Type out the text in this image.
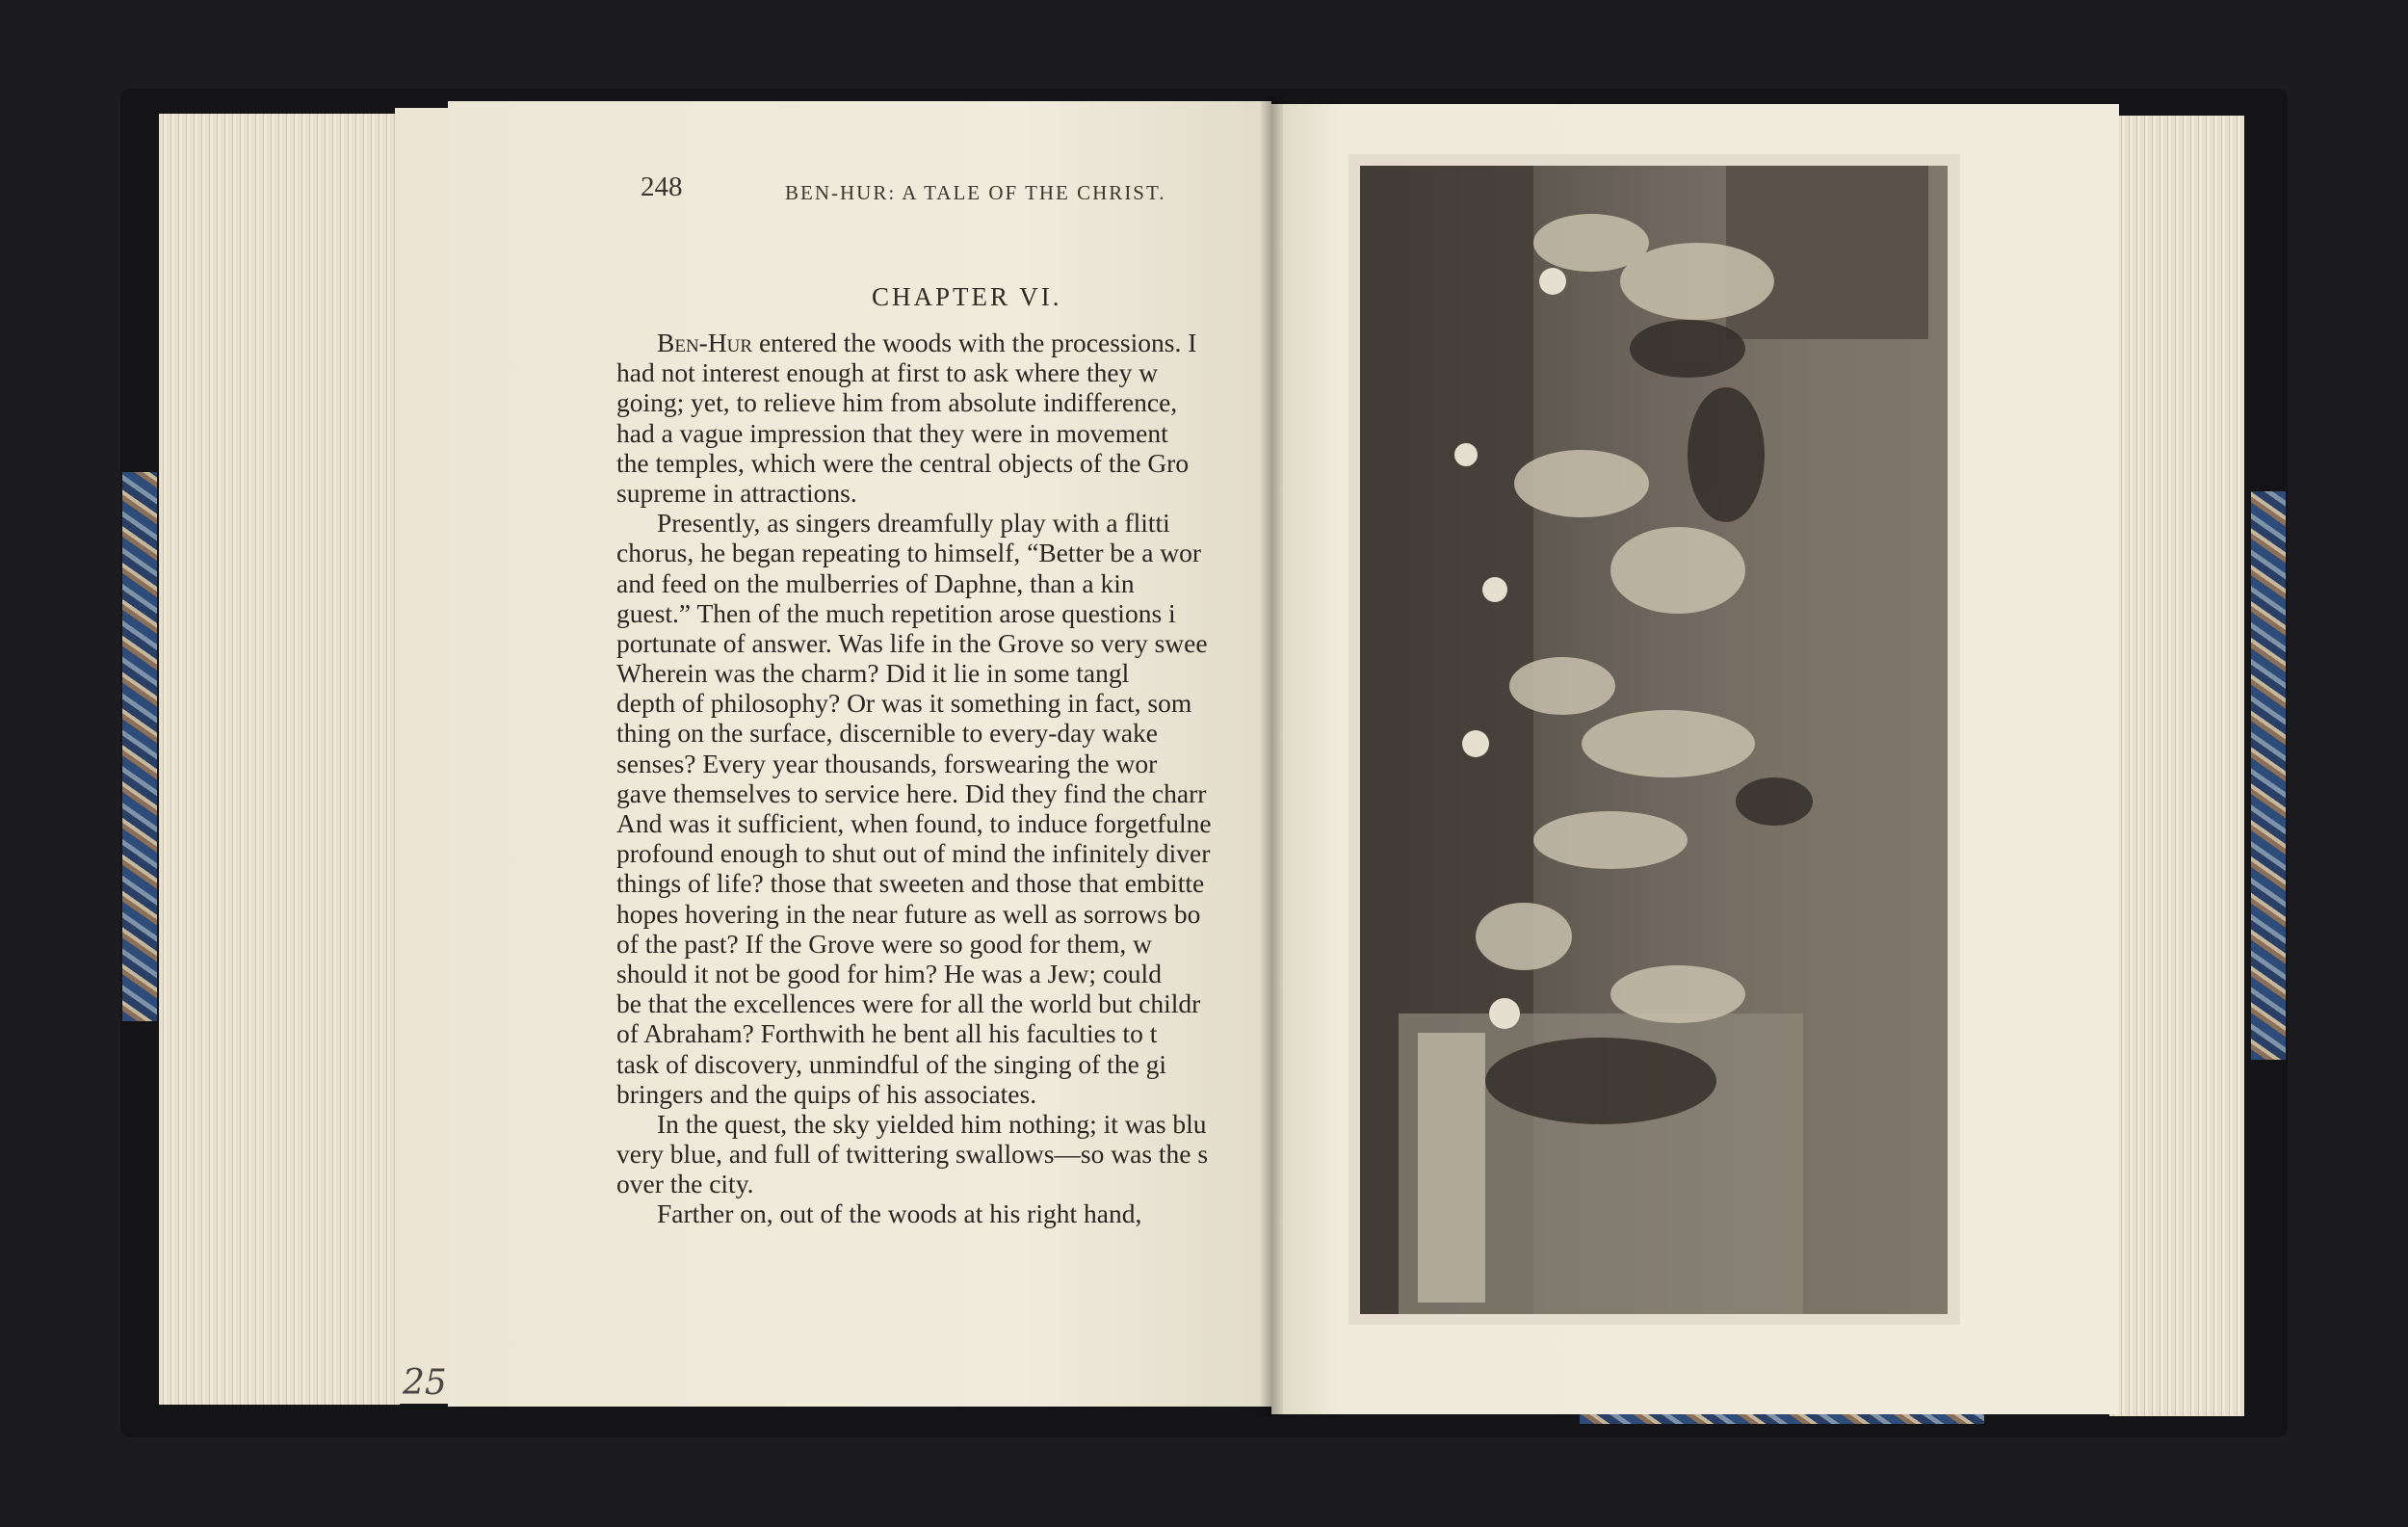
248	BEN-HUR: A TALE OF THE CHRIST.
CHAPTER VI.
Ben-Hur entered the woods with the processions. I
had not interest enough at first to ask where they w
going; yet, to relieve him from absolute indifference,
had a vague impression that they were in movement
the temples, which were the central objects of the Gro
supreme in attractions.
Presently, as singers dreamfully play with a flitti
chorus, he began repeating to himself, “Better be a wor
and feed on the mulberries of Daphne, than a kin
guest.” Then of the much repetition arose questions i
portunate of answer. Was life in the Grove so very swee
Wherein was the charm? Did it lie in some tangl
depth of philosophy? Or was it something in fact, som
thing on the surface, discernible to every-day wake
senses? Every year thousands, forswearing the wor
gave themselves to service here. Did they find the charr
And was it sufficient, when found, to induce forgetfulne
profound enough to shut out of mind the infinitely diver
things of life? those that sweeten and those that embitte
hopes hovering in the near future as well as sorrows bo
of the past? If the Grove were so good for them, w
should it not be good for him? He was a Jew; could
be that the excellences were for all the world but childr
of Abraham? Forthwith he bent all his faculties to t
task of discovery, unmindful of the singing of the gi
bringers and the quips of his associates.
In the quest, the sky yielded him nothing; it was blu
very blue, and full of twittering swallows—so was the s
over the city.
Farther on, out of the woods at his right hand,
25
